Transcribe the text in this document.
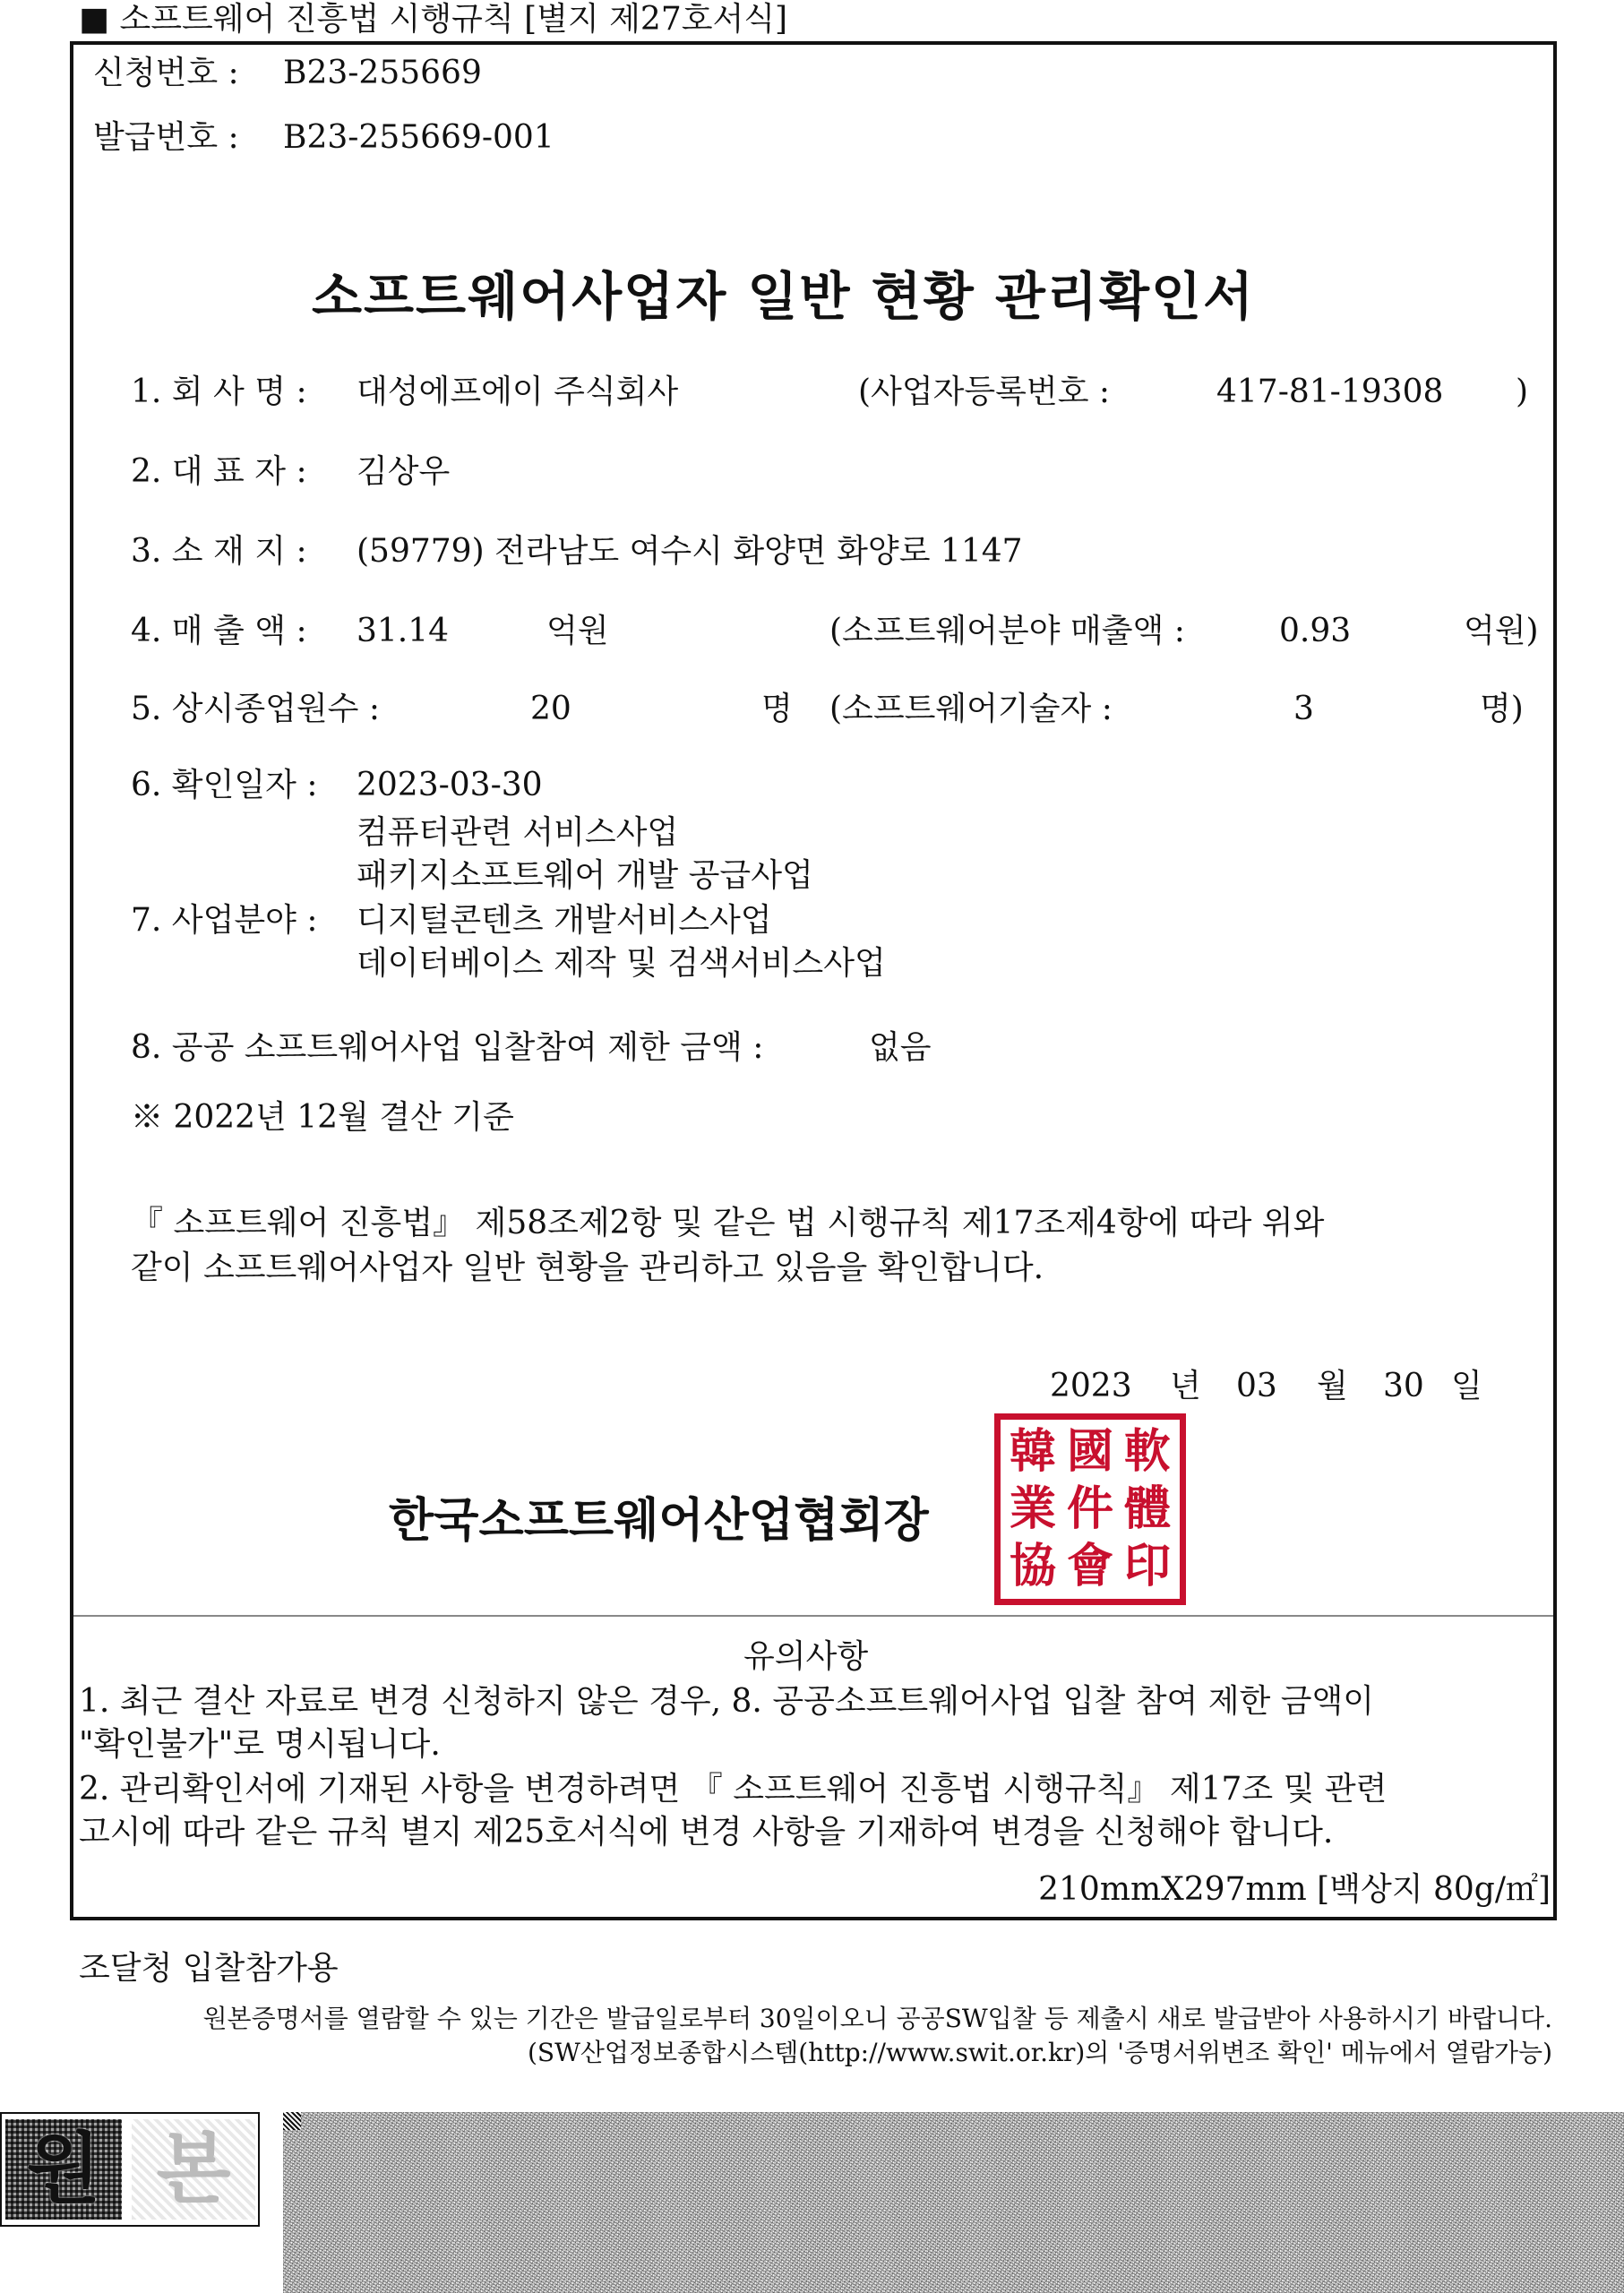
■ 소프트웨어 진흥법 시행규칙 [별지 제27호서식]
신청번호 : B23-255669
발급번호 : B23-255669-001
소프트웨어사업자 일반 현황 관리확인서
1. 회 사 명 : 대성에프에이 주식회사	(사업자등록번호 :	417-81-19308 )
2. 대 표 자 : 김상우
3. 소 재 지 : (59779) 전라남도 여수시 화양면 화양로 1147
4. 매 출 액 : 31.14	억원	(소프트웨어분야 매출액 :	0.93	억원)
5. 상시종업원수 :	20	명 (소프트웨어기술자 :	3	명)
6. 확인일자 : 2023-03-30
컴퓨터관련 서비스사업
패키지소프트웨어 개발 공급사업
7. 사업분야 : 디지털콘텐츠 개발서비스사업
데이터베이스 제작 및 검색서비스사업
8. 공공 소프트웨어사업 입찰참여 제한 금액 :	없음
※ 2022년 12월 결산 기준
『 소프트웨어 진흥법』 제58조제2항 및 같은 법 시행규칙 제17조제4항에 따라 위와
같이 소프트웨어사업자 일반 현황을 관리하고 있음을 확인합니다.
2023 년 03 월 30 일
한국소프트웨어산업협회장
韓 國 軟
業 件 體
協 會 印
유의사항
1. 최근 결산 자료로 변경 신청하지 않은 경우, 8. 공공소프트웨어사업 입찰 참여 제한 금액이
"확인불가"로 명시됩니다.
2. 관리확인서에 기재된 사항을 변경하려면 『 소프트웨어 진흥법 시행규칙』 제17조 및 관련
고시에 따라 같은 규칙 별지 제25호서식에 변경 사항을 기재하여 변경을 신청해야 합니다.
210mmX297mm [백상지 80g/㎡]
조달청 입찰참가용
원본증명서를 열람할 수 있는 기간은 발급일로부터 30일이오니 공공SW입찰 등 제출시 새로 발급받아 사용하시기 바랍니다.
(SW산업정보종합시스템(http://www.swit.or.kr)의 '증명서위변조 확인' 메뉴에서 열람가능)
원 본
